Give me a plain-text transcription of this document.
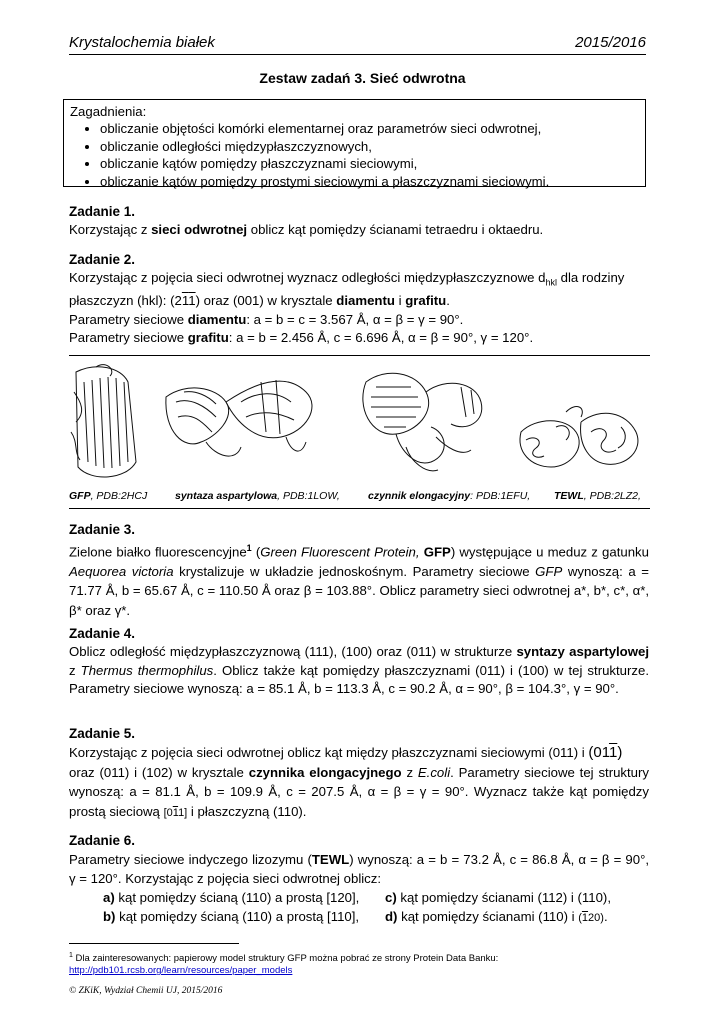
Krystalochemia białek	2015/2016
Zestaw zadań 3. Sieć odwrotna
Zagadnienia:
• obliczanie objętości komórki elementarnej oraz parametrów sieci odwrotnej,
• obliczanie odległości międzypłaszczyznowych,
• obliczanie kątów pomiędzy płaszczyznami sieciowymi,
• obliczanie kątów pomiędzy prostymi sieciowymi a płaszczyznami sieciowymi.
Zadanie 1.

Korzystając z sieci odwrotnej oblicz kąt pomiędzy ścianami tetraedru i oktaedru.

Zadanie 2.

Korzystając z pojęcia sieci odwrotnej wyznacz odległości międzypłaszczyznowe $d_{hkl}$ dla rodziny
płaszczyzn (hkl): (211) oraz (001) w krysztale diamentu i grafitu.
Parametry sieciowe diamentu: a = b = c = 3.567 Å, α = β = γ = 90°.
Parametry sieciowe grafitu: a = b = 2.456 Å, c = 6.696 Å, α = β = 90°, γ = 120°.

GFP, PDB:2HCJ	syntaza aspartylowa, PDB:1LOW,	czynnik elongacyjny: PDB:1EFU, TEWL, PDB:2LZ2,
Zadanie 3.

Zielone białko fluorescencyjne$^1$ (Green Fluorescent Protein, GFP) występujące u meduz z gatunku Aequorea victoria krystalizuje w układzie jednoskośnym. Parametry sieciowe GFP wynoszą: a = 71.77 Å, b = 65.67 Å, c = 110.50 Å oraz β = 103.88°. Oblicz parametry sieci odwrotnej a*, b*, c*, α*, β* oraz γ*.

Zadanie 4.

Oblicz odległość międzypłaszczyznową (111), (100) oraz (011) w strukturze syntazy aspartylowej z Thermus thermophilus. Oblicz także kąt pomiędzy płaszczyznami (011) i (100) w tej strukturze. Parametry sieciowe wynoszą: a = 85.1 Å, b = 113.3 Å, c = 90.2 Å, α = 90°, β = 104.3°, γ = 90°.

Zadanie 5.

Korzystając z pojęcia sieci odwrotnej oblicz kąt między płaszczyznami sieciowymi (011) i (011)
oraz (011) i (102) w krysztale czynnika elongacyjnego z E.coli. Parametry sieciowe tej struktury wynoszą: a = 81.1 Å, b = 109.9 Å, c = 207.5 Å, α = β = γ = 90°. Wyznacz także kąt pomiędzy prostą sieciową [011] i płaszczyzną (110).

Zadanie 6.

Parametry sieciowe indyczego lizozymu (TEWL) wynoszą: a = b = 73.2 Å, c = 86.8 Å, α = β = 90°, γ = 120°. Korzystając z pojęcia sieci odwrotnej oblicz:

a) kąt pomiędzy ścianą (110) a prostą [120],
b) kąt pomiędzy ścianą (110) a prostą [110],
c) kąt pomiędzy ścianami (112) i (110),
d) kąt pomiędzy ścianami (110) i (120).
$^1$ Dla zainteresowanych: papierowy model struktury GFP można pobrać ze strony Protein Data Banku:
http://pdb101.rcsb.org/learn/resources/paper_models
© ZKiK, Wydział Chemii UJ, 2015/2016
